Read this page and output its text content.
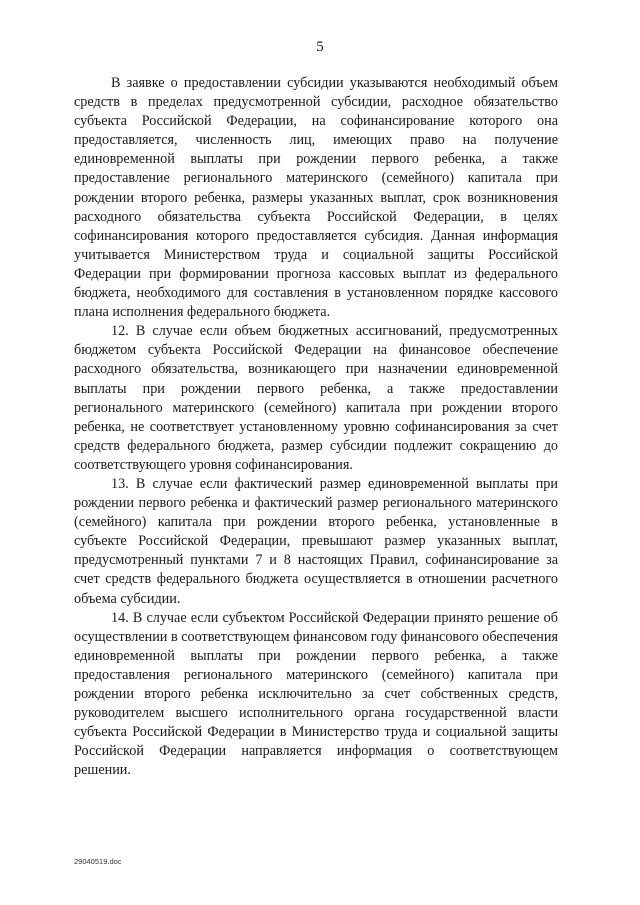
5

В заявке о предоставлении субсидии указываются необходимый объем средств в пределах предусмотренной субсидии, расходное обязательство субъекта Российской Федерации, на софинансирование которого она предоставляется, численность лиц, имеющих право на получение единовременной выплаты при рождении первого ребенка, а также предоставление регионального материнского (семейного) капитала при рождении второго ребенка, размеры указанных выплат, срок возникновения расходного обязательства субъекта Российской Федерации, в целях софинансирования которого предоставляется субсидия. Данная информация учитывается Министерством труда и социальной защиты Российской Федерации при формировании прогноза кассовых выплат из федерального бюджета, необходимого для составления в установленном порядке кассового плана исполнения федерального бюджета.

12. В случае если объем бюджетных ассигнований, предусмотренных бюджетом субъекта Российской Федерации на финансовое обеспечение расходного обязательства, возникающего при назначении единовременной выплаты при рождении первого ребенка, а также предоставлении регионального материнского (семейного) капитала при рождении второго ребенка, не соответствует установленному уровню софинансирования за счет средств федерального бюджета, размер субсидии подлежит сокращению до соответствующего уровня софинансирования.

13. В случае если фактический размер единовременной выплаты при рождении первого ребенка и фактический размер регионального материнского (семейного) капитала при рождении второго ребенка, установленные в субъекте Российской Федерации, превышают размер указанных выплат, предусмотренный пунктами 7 и 8 настоящих Правил, софинансирование за счет средств федерального бюджета осуществляется в отношении расчетного объема субсидии.

14. В случае если субъектом Российской Федерации принято решение об осуществлении в соответствующем финансовом году финансового обеспечения единовременной выплаты при рождении первого ребенка, а также предоставления регионального материнского (семейного) капитала при рождении второго ребенка исключительно за счет собственных средств, руководителем высшего исполнительного органа государственной власти субъекта Российской Федерации в Министерство труда и социальной защиты Российской Федерации направляется информация о соответствующем решении.

29040519.doc
